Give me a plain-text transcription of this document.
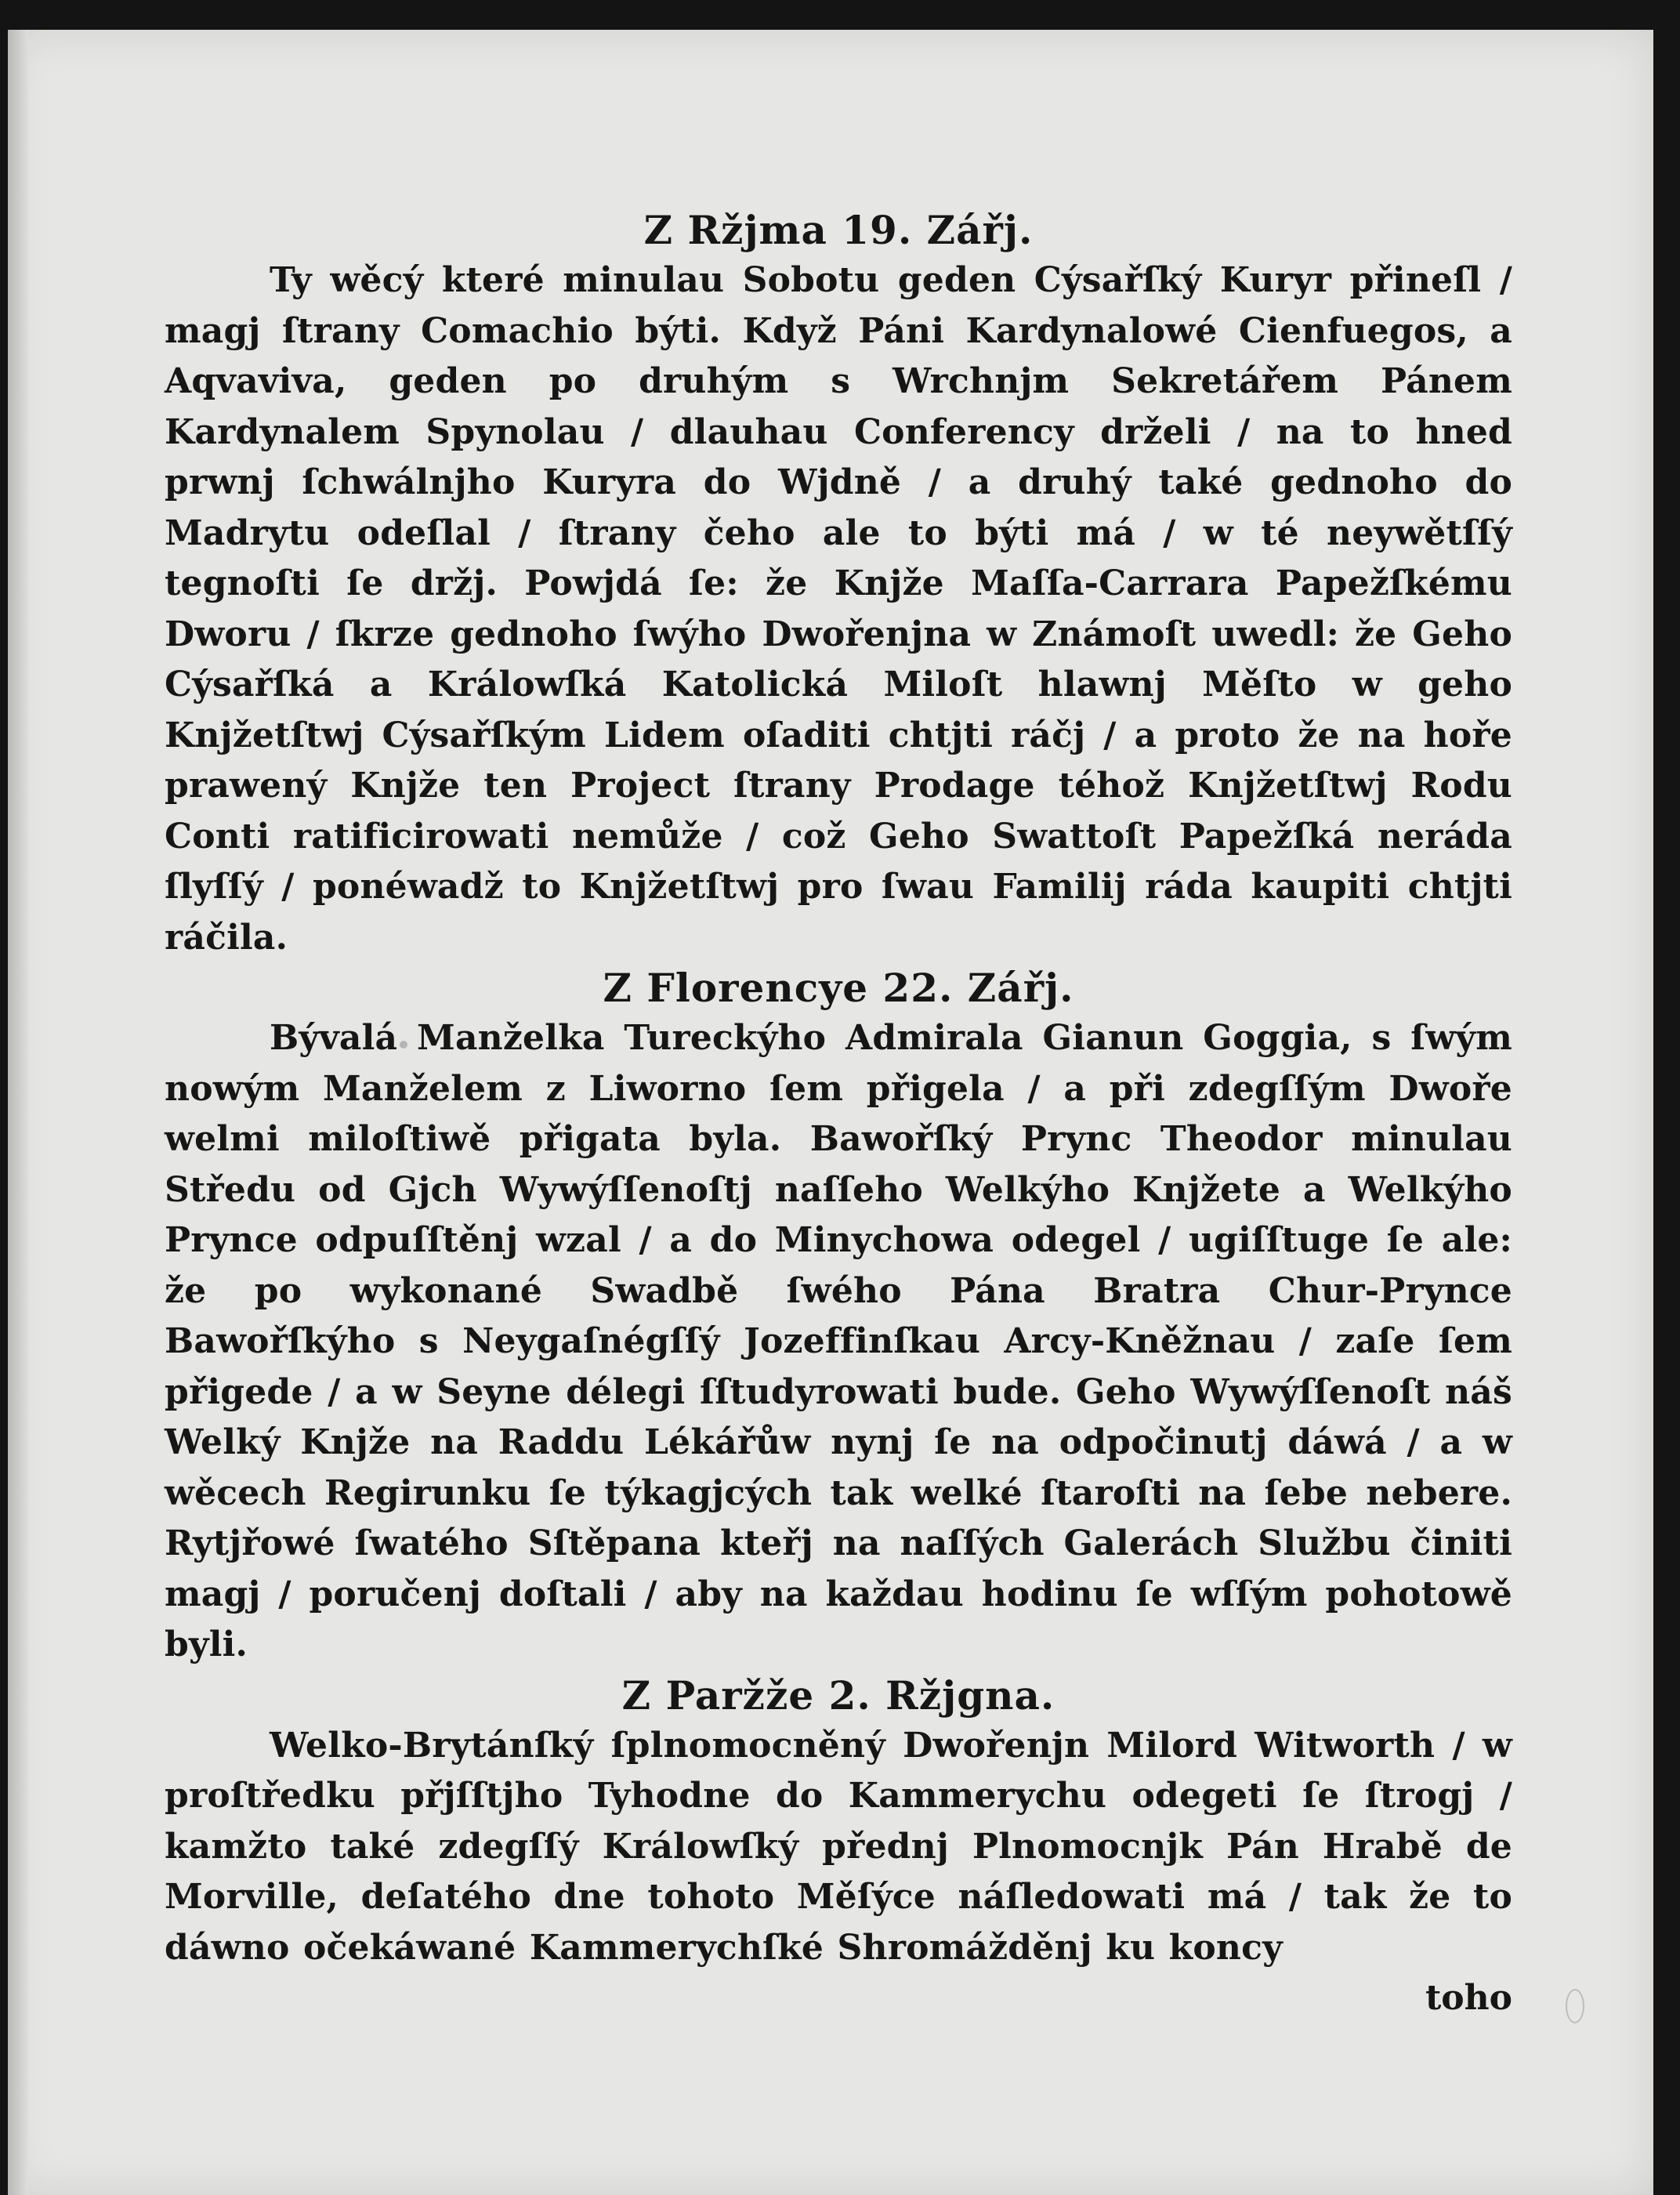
Z Ržjma 19. Zářj.

Ty wěcý které minulau Sobotu geden Cýsařſký Kuryr přineſl / magj ſtrany Comachio býti. Když Páni Kardynalowé Cienfuegos, a Aqvaviva, geden po druhým s Wrchnjm Sekretářem Pánem Kardynalem Spynolau / dlauhau Conferency drželi / na to hned prwnj ſchwálnjho Kuryra do Wjdně / a druhý také gednoho do Madrytu odeſlal / ſtrany čeho ale to býti má / w té neywětſſý tegnoſti ſe držj. Powjdá ſe: že Knjže Maſſa-Carrara Papežſkému Dworu / ſkrze gednoho ſwýho Dwořenjna w Známoſt uwedl: že Geho Cýsařſká a Králowſká Katolická Miloſt hlawnj Měſto w geho Knjžetſtwj Cýsařſkým Lidem oſaditi chtjti ráčj / a proto že na hoře prawený Knjže ten Project ſtrany Prodage téhož Knjžetſtwj Rodu Conti ratificirowati nemůže / což Geho Swattoſt Papežſká nerádа ſlyſſý / ponéwadž to Knjžetſtwj pro ſwau Familij ráda kaupiti chtjti ráčila.

Z Florencye 22. Zářj.

Bývalá Manželka Tureckýho Admirala Gianun Goggia, s ſwým nowým Manželem z Liworno ſem přigela / a při zdegſſým Dwoře welmi miloſtiwě přigata byla. Bawořſký Prync Theodor minulau Středu od Gjch Wywýſſenoſtj naſſeho Welkýho Knjžete a Welkýho Prynce odpuſſtěnj wzal / a do Minychowa odegel / ugiſſtuge ſe ale: že po wykonané Swadbě ſwého Pána Bratra Chur-Prynce Bawořſkýho s Neygaſnégſſý Jozeffinſkau Arcy-Kněžnau / zaſe ſem přigede / a w Seyne délegi ſſtudyrowati bude. Geho Wywýſſenoſt náš Welký Knjže na Raddu Lékářůw nynj ſe na odpočinutj dáwá / a w wěcech Regirunku ſe týkagjcých tak welké ſtaroſti na ſebe nebere. Rytjřowé ſwatého Sſtěpana kteřj na naſſých Galerách Službu činiti magj / poručenj doſtali / aby na každau hodinu ſe wſſým pohotowě byli.

Z Paržže 2. Ržjgna.

Welko-Brytánſký ſplnomocněný Dwořenjn Milord Witworth / w proſtředku přjſſtjho Tyhodne do Kammerychu odegeti ſe ſtrogj / kamžto také zdegſſý Králowſký přednj Plnomocnjk Pán Hrabě de Morville, deſatého dne tohoto Měſýce náſledowati má / tak že to dáwno očekáwané Kammerychſké Shromážděnj ku koncy

toho
